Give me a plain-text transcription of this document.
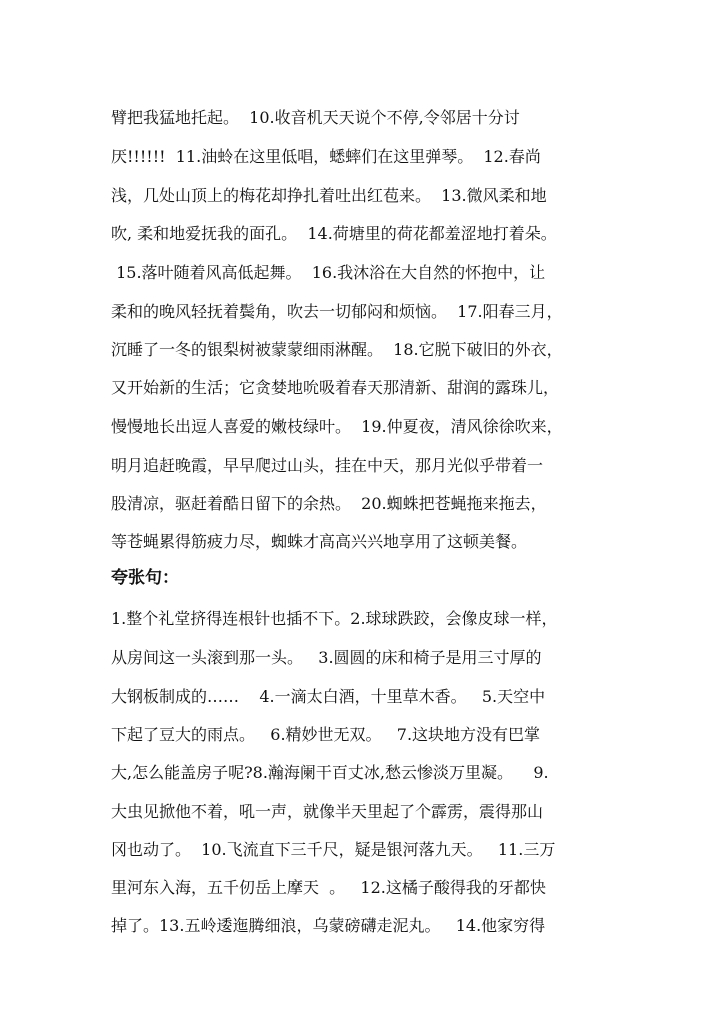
臂把我猛地托起。  10.收音机天天说个不停,令邻居十分讨
厌!!!!!!  11.油蛉在这里低唱，蟋蟀们在这里弹琴。  12.春尚
浅，几处山顶上的梅花却挣扎着吐出红苞来。  13.微风柔和地
吹, 柔和地爱抚我的面孔。  14.荷塘里的荷花都羞涩地打着朵。
15.落叶随着风高低起舞。  16.我沐浴在大自然的怀抱中，让
柔和的晚风轻抚着鬓角，吹去一切郁闷和烦恼。  17.阳春三月，
沉睡了一冬的银梨树被蒙蒙细雨淋醒。  18.它脱下破旧的外衣，
又开始新的生活；它贪婪地吮吸着春天那清新、甜润的露珠儿，
慢慢地长出逗人喜爱的嫩枝绿叶。  19.仲夏夜，清风徐徐吹来，
明月追赶晚霞，早早爬过山头，挂在中天，那月光似乎带着一
股清凉，驱赶着酷日留下的余热。  20.蜘蛛把苍蝇拖来拖去，
等苍蝇累得筋疲力尽，蜘蛛才高高兴兴地享用了这顿美餐。
夸张句：
1.整个礼堂挤得连根针也插不下。2.球球跌跤，会像皮球一样，
从房间这一头滚到那一头。   3.圆圆的床和椅子是用三寸厚的
大钢板制成的……    4.一滴太白酒，十里草木香。   5.天空中
下起了豆大的雨点。   6.精妙世无双。   7.这块地方没有巴掌
大,怎么能盖房子呢?8.瀚海阑干百丈冰,愁云惨淡万里凝。    9.
大虫见掀他不着，吼一声，就像半天里起了个霹雳，震得那山
冈也动了。  10.飞流直下三千尺，疑是银河落九天。   11.三万
里河东入海，五千仞岳上摩天  。   12.这橘子酸得我的牙都快
掉了。13.五岭逶迤腾细浪，乌蒙磅礴走泥丸。   14.他家穷得
